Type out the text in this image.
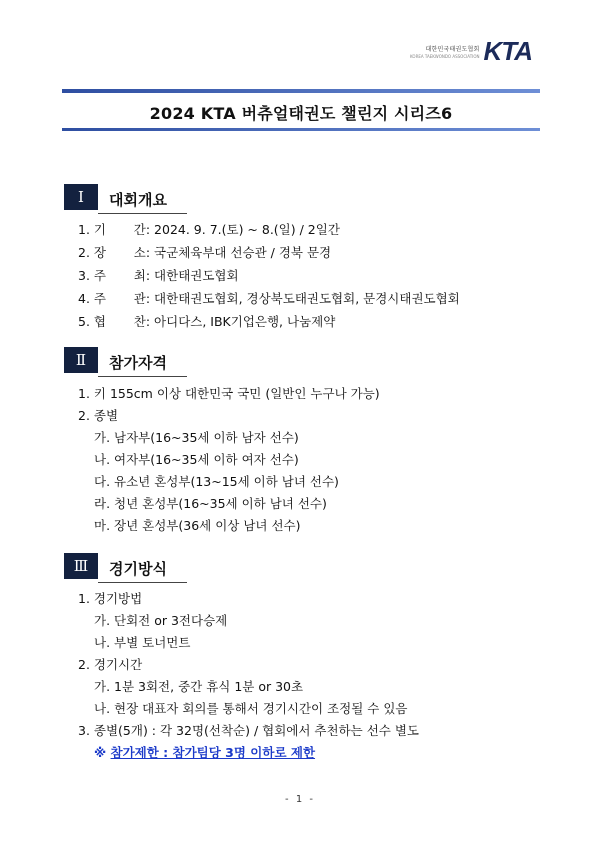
대한민국태권도협회
KOREA TAEKWONDO ASSOCIATION KTA
2024 KTA 버츄얼태권도 챌린지 시리즈6
Ⅰ	대회개요
1. 기       간: 2024. 9. 7.(토) ~ 8.(일) / 2일간
2. 장       소: 국군체육부대 선승관 / 경북 문경
3. 주       최: 대한태권도협회
4. 주       관: 대한태권도협회, 경상북도태권도협회, 문경시태권도협회
5. 협       찬: 아디다스, IBK기업은행, 나눔제약
Ⅱ	참가자격
1. 키 155cm 이상 대한민국 국민 (일반인 누구나 가능)
2. 종별
가. 남자부(16~35세 이하 남자 선수)
나. 여자부(16~35세 이하 여자 선수)
다. 유소년 혼성부(13~15세 이하 남녀 선수)
라. 청년 혼성부(16~35세 이하 남녀 선수)
마. 장년 혼성부(36세 이상 남녀 선수)
Ⅲ	경기방식
1. 경기방법
가. 단회전 or 3전다승제
나. 부별 토너먼트
2. 경기시간
가. 1분 3회전, 중간 휴식 1분 or 30초
나. 현장 대표자 회의를 통해서 경기시간이 조정될 수 있음
3. 종별(5개) : 각 32명(선착순) / 협회에서 추천하는 선수 별도
※ 참가제한 : 참가팀당 3명 이하로 제한
- 1 -
